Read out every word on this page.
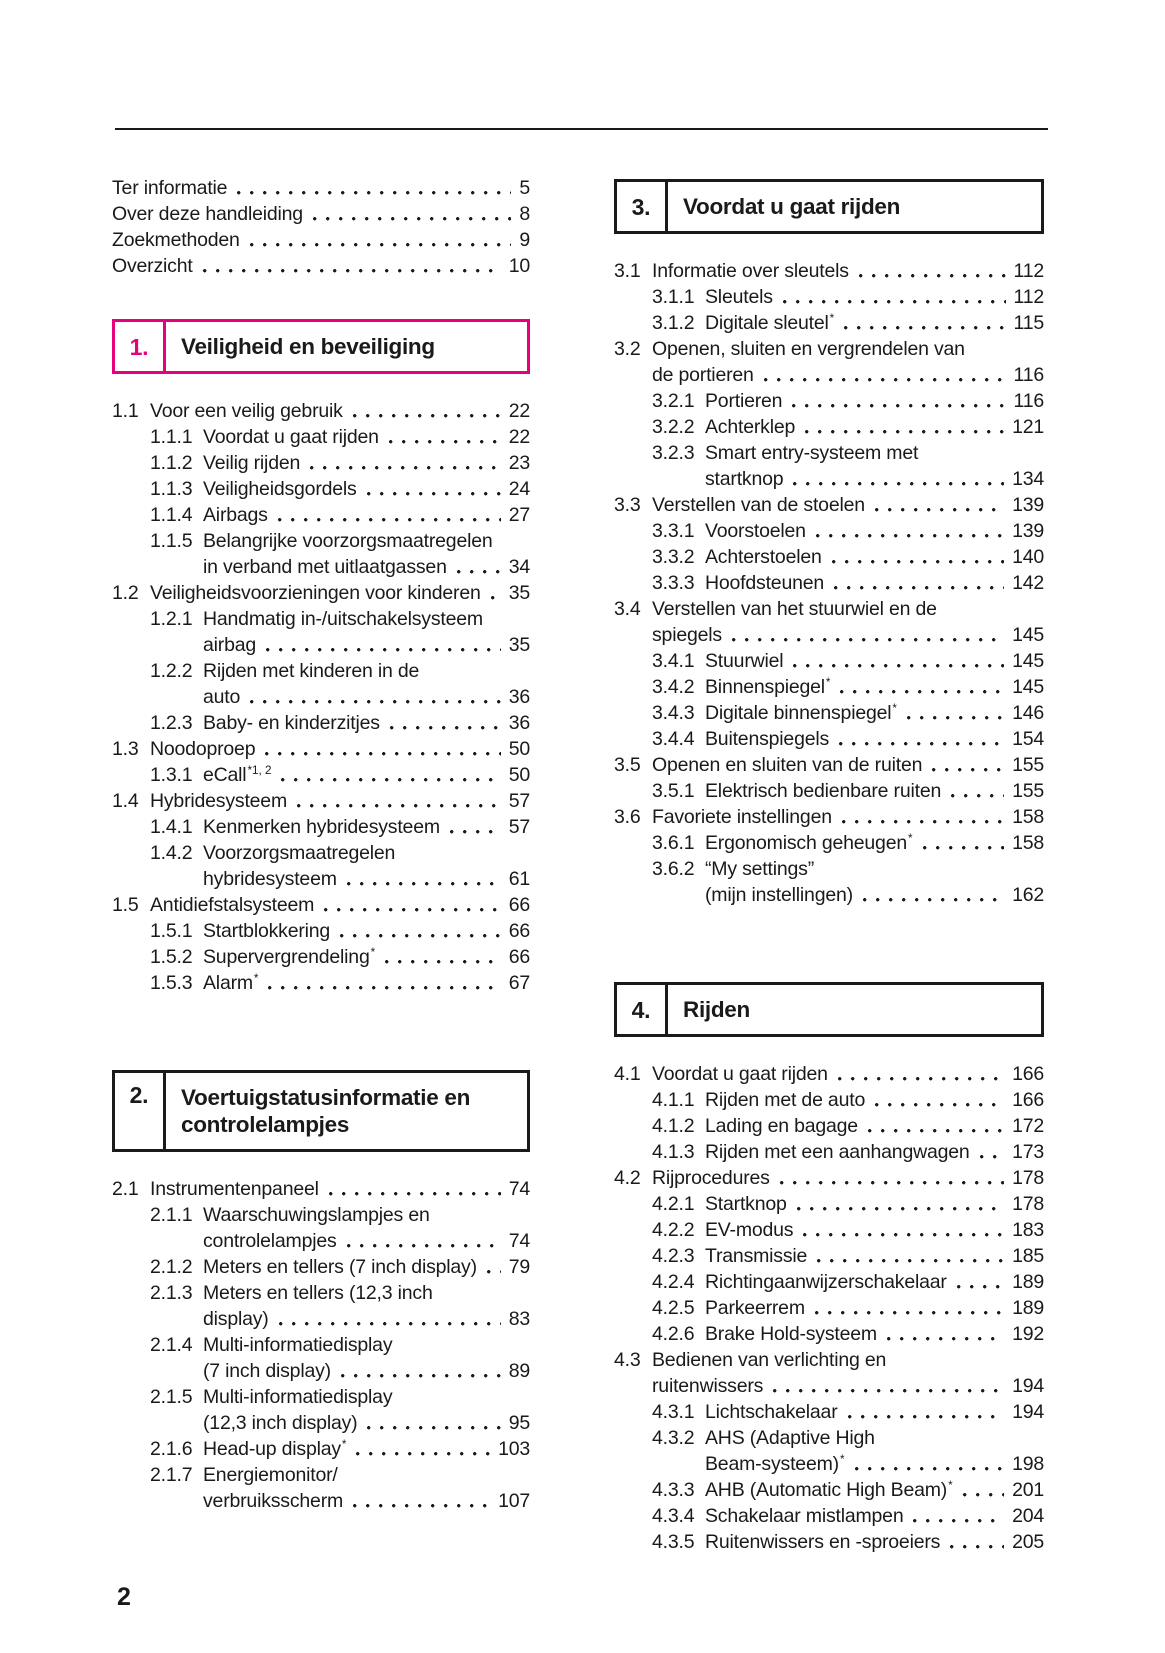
Ter informatie	5
Over deze handleiding	8
Zoekmethoden	9
Overzicht	10
1.	Veiligheid en beveiliging
1.1 Voor een veilig gebruik	22
1.1.1 Voordat u gaat rijden	22
1.1.2 Veilig rijden	23
1.1.3 Veiligheidsgordels	24
1.1.4 Airbags	27
1.1.5 Belangrijke voorzorgsmaatregelen
in verband met uitlaatgassen	34
1.2 Veiligheidsvoorzieningen voor kinderen 35
1.2.1 Handmatig in-/uitschakelsysteem
airbag	35
1.2.2 Rijden met kinderen in de
auto	36
1.2.3 Baby- en kinderzitjes	36
1.3 Noodoproep	50
1.3.1 eCall$^{*1, 2}$	50
1.4 Hybridesysteem	57
1.4.1 Kenmerken hybridesysteem	57
1.4.2 Voorzorgsmaatregelen
hybridesysteem	61
1.5 Antidiefstalsysteem	66
1.5.1 Startblokkering	66
1.5.2 Supervergrendeling*	66
1.5.3 Alarm*	67
2.	Voertuigstatusinformatie en
controlelampjes
2.1 Instrumentenpaneel	74
2.1.1 Waarschuwingslampjes en
controlelampjes	74
2.1.2 Meters en tellers (7 inch display) 79
2.1.3 Meters en tellers (12,3 inch
display)	83
2.1.4 Multi-informatiedisplay
(7 inch display)	89
2.1.5 Multi-informatiedisplay
(12,3 inch display)	95
2.1.6 Head-up display*	103
2.1.7 Energiemonitor/
verbruiksscherm	107
3.	Voordat u gaat rijden
3.1 Informatie over sleutels	112
3.1.1 Sleutels	112
3.1.2 Digitale sleutel*	115
3.2 Openen, sluiten en vergrendelen van
de portieren	116
3.2.1 Portieren	116
3.2.2 Achterklep	121
3.2.3 Smart entry-systeem met
startknop	134
3.3 Verstellen van de stoelen	139
3.3.1 Voorstoelen	139
3.3.2 Achterstoelen	140
3.3.3 Hoofdsteunen	142
3.4 Verstellen van het stuurwiel en de
spiegels	145
3.4.1 Stuurwiel	145
3.4.2 Binnenspiegel*	145
3.4.3 Digitale binnenspiegel*	146
3.4.4 Buitenspiegels	154
3.5 Openen en sluiten van de ruiten	155
3.5.1 Elektrisch bedienbare ruiten	155
3.6 Favoriete instellingen	158
3.6.1 Ergonomisch geheugen*	158
3.6.2 “My settings”
(mijn instellingen)	162
4.	Rijden
4.1 Voordat u gaat rijden	166
4.1.1 Rijden met de auto	166
4.1.2 Lading en bagage	172
4.1.3 Rijden met een aanhangwagen 173
4.2 Rijprocedures	178
4.2.1 Startknop	178
4.2.2 EV-modus	183
4.2.3 Transmissie	185
4.2.4 Richtingaanwijzerschakelaar	189
4.2.5 Parkeerrem	189
4.2.6 Brake Hold-systeem	192
4.3 Bedienen van verlichting en
ruitenwissers	194
4.3.1 Lichtschakelaar	194
4.3.2 AHS (Adaptive High
Beam-systeem)*	198
4.3.3 AHB (Automatic High Beam)*	201
4.3.4 Schakelaar mistlampen	204
4.3.5 Ruitenwissers en -sproeiers	205
2
